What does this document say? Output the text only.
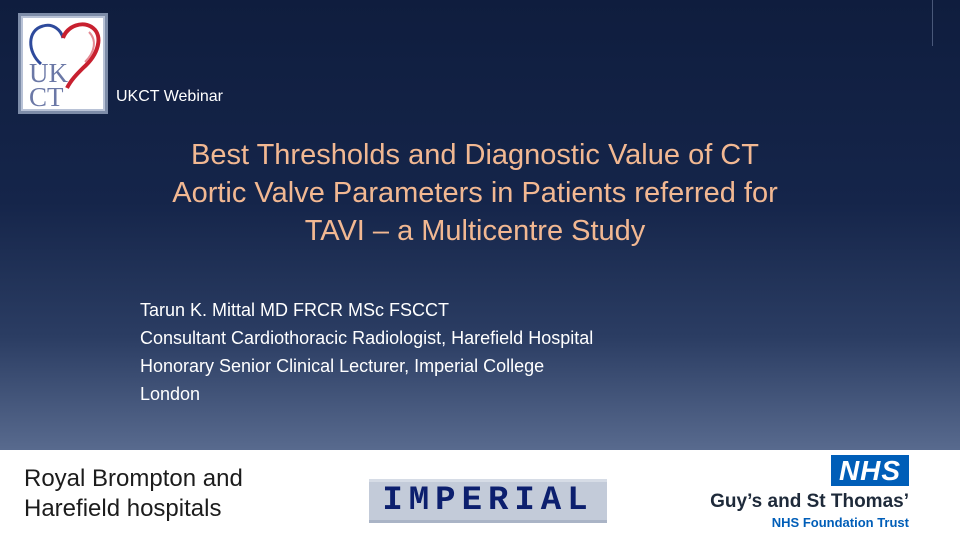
UK
CT	UKCT Webinar
Best Thresholds and Diagnostic Value of CT
Aortic Valve Parameters in Patients referred for
TAVI – a Multicentre Study
Tarun K. Mittal MD FRCR MSc FSCCT
Consultant Cardiothoracic Radiologist, Harefield Hospital
Honorary Senior Clinical Lecturer, Imperial College
London
Royal Brompton and
Harefield hospitals	IMPERIAL
NHS
Guy’s and St Thomas’
NHS Foundation Trust
